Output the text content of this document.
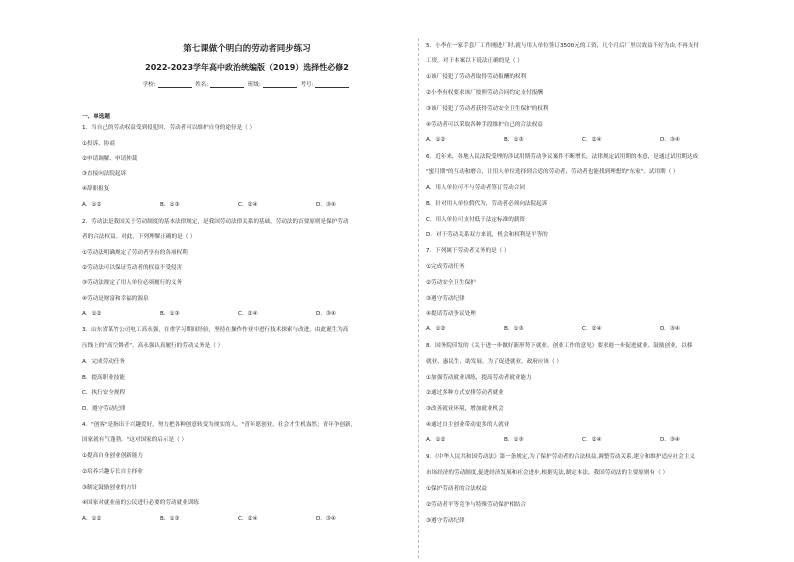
第七课做个明白的劳动者同步练习
2022-2023学年高中政治统编版（2019）选择性必修2
学校:	姓名:	班级:	考号:
一、单选题
1．当自己的劳动权益受到侵犯时，劳动者可以维护自身的途径是（ ）
①投诉、协商
②申请调解、申请仲裁
③直接向法院起诉
④辞职报复
A．①②	B．①③	C．②④	D．③④
2．劳动法是我国关于劳动制度的基本法律规定，是我国劳动法律关系的基础，劳动法的首要原则是保护劳动
者的合法权益。对此，下列理解正确的是（ ）
①劳动法明确规定了劳动者享有的各项权利
②劳动法可以保证劳动者的权益不受侵害
③劳动法规定了用人单位必须履行的义务
④劳动是财富和幸福的源泉
A．①②	B．①③	C．②④	D．③④
3．山东省某竹公司电工高永强，在重学习期间经验，坚持在操作作业中进行技术探索与改进，由此诞生为高
压线上的"高空舞者"。高永强认真履行的劳动义务是（ ）
A．完成劳动任务
B．提高职业技能
C．执行安全规程
D．遵守劳动纪律
4．"创客"是指出于兴趣爱好，努力把各种创意转变为现实的人。"青年愿创业，社会才生机盎然；青年争创新，
国家就有气蓬勃。"这对国家的启示是（ ）
①提高自身创业创新能力
②培养兴趣专长自主择业
③制定鼓励创业的方针
④国家对就业前的公民进行必要的劳动就业训练
A．①②	B．①③	C．②④	D．③④
5．小李在一家手套厂工作刚进厂时,就与用人单位签订3500元的工资，几个月后厂里以效益不好为由,不再支付
工资。对于本案以下说法正确的是（ ）
①该厂侵犯了劳动者取得劳动报酬的权利
②小李有权要求该厂按照劳动合同约定支付报酬
③该厂侵犯了劳动者获得劳动安全卫生保护的权利
④劳动者可以采取各种手段维护自己的合法权益
A．①②	B．①③	C．②④	D．③④
6．近年来，各地人民法院受理的涉试用期劳动争议案件不断增长。法律规定试用期的本意，是通过试用期达成
"蜜月期"的互动和磨合，让用人单位选择到合适的劳动者，劳动者也能找到理想的"东家"。试用期（ ）
A．用人单位可不与劳动者签订劳动合同
B．针对用人单位假代为，劳动者必须向法院起诉
C．用人单位可支付低于法定标准的薪资
D．对于劳动关系双方来说，机会和权利是平等的
7．下列属于劳动者义务的是（ ）
①完成劳动任务
②劳动安全卫生保护
③遵守劳动纪律
④提请劳动争议处理
A．①②	B．①③	C．②④	D．③④
8．国务院印发的《关于进一步做好新形势下就业、创业工作的意见》要求進一步促进就业、鼓励创业，以移
就业、惠民生、助发展。为了促进就业，政府应该（ ）
①加强劳动就业训练，提高劳动者就业能力
②通过多种方式安排劳动者就业
③改善就业环境，增加就业机会
④通过自主创业带动更多的人就业
A．①②	B．①③	C．②④	D．③④
9．《中华人民共和国劳动法》第一条规定,为了保护劳动者的合法权益,调整劳动关系,建立和维护适应社会主义
市场经济的劳动制度,促进经济发展和社会进步,根据宪法,制定本法。我国劳动法的主要原则有（ ）
①保护劳动者的合法权益
②劳动者平等竞争与特殊劳动保护相结合
③遵守劳动纪律
